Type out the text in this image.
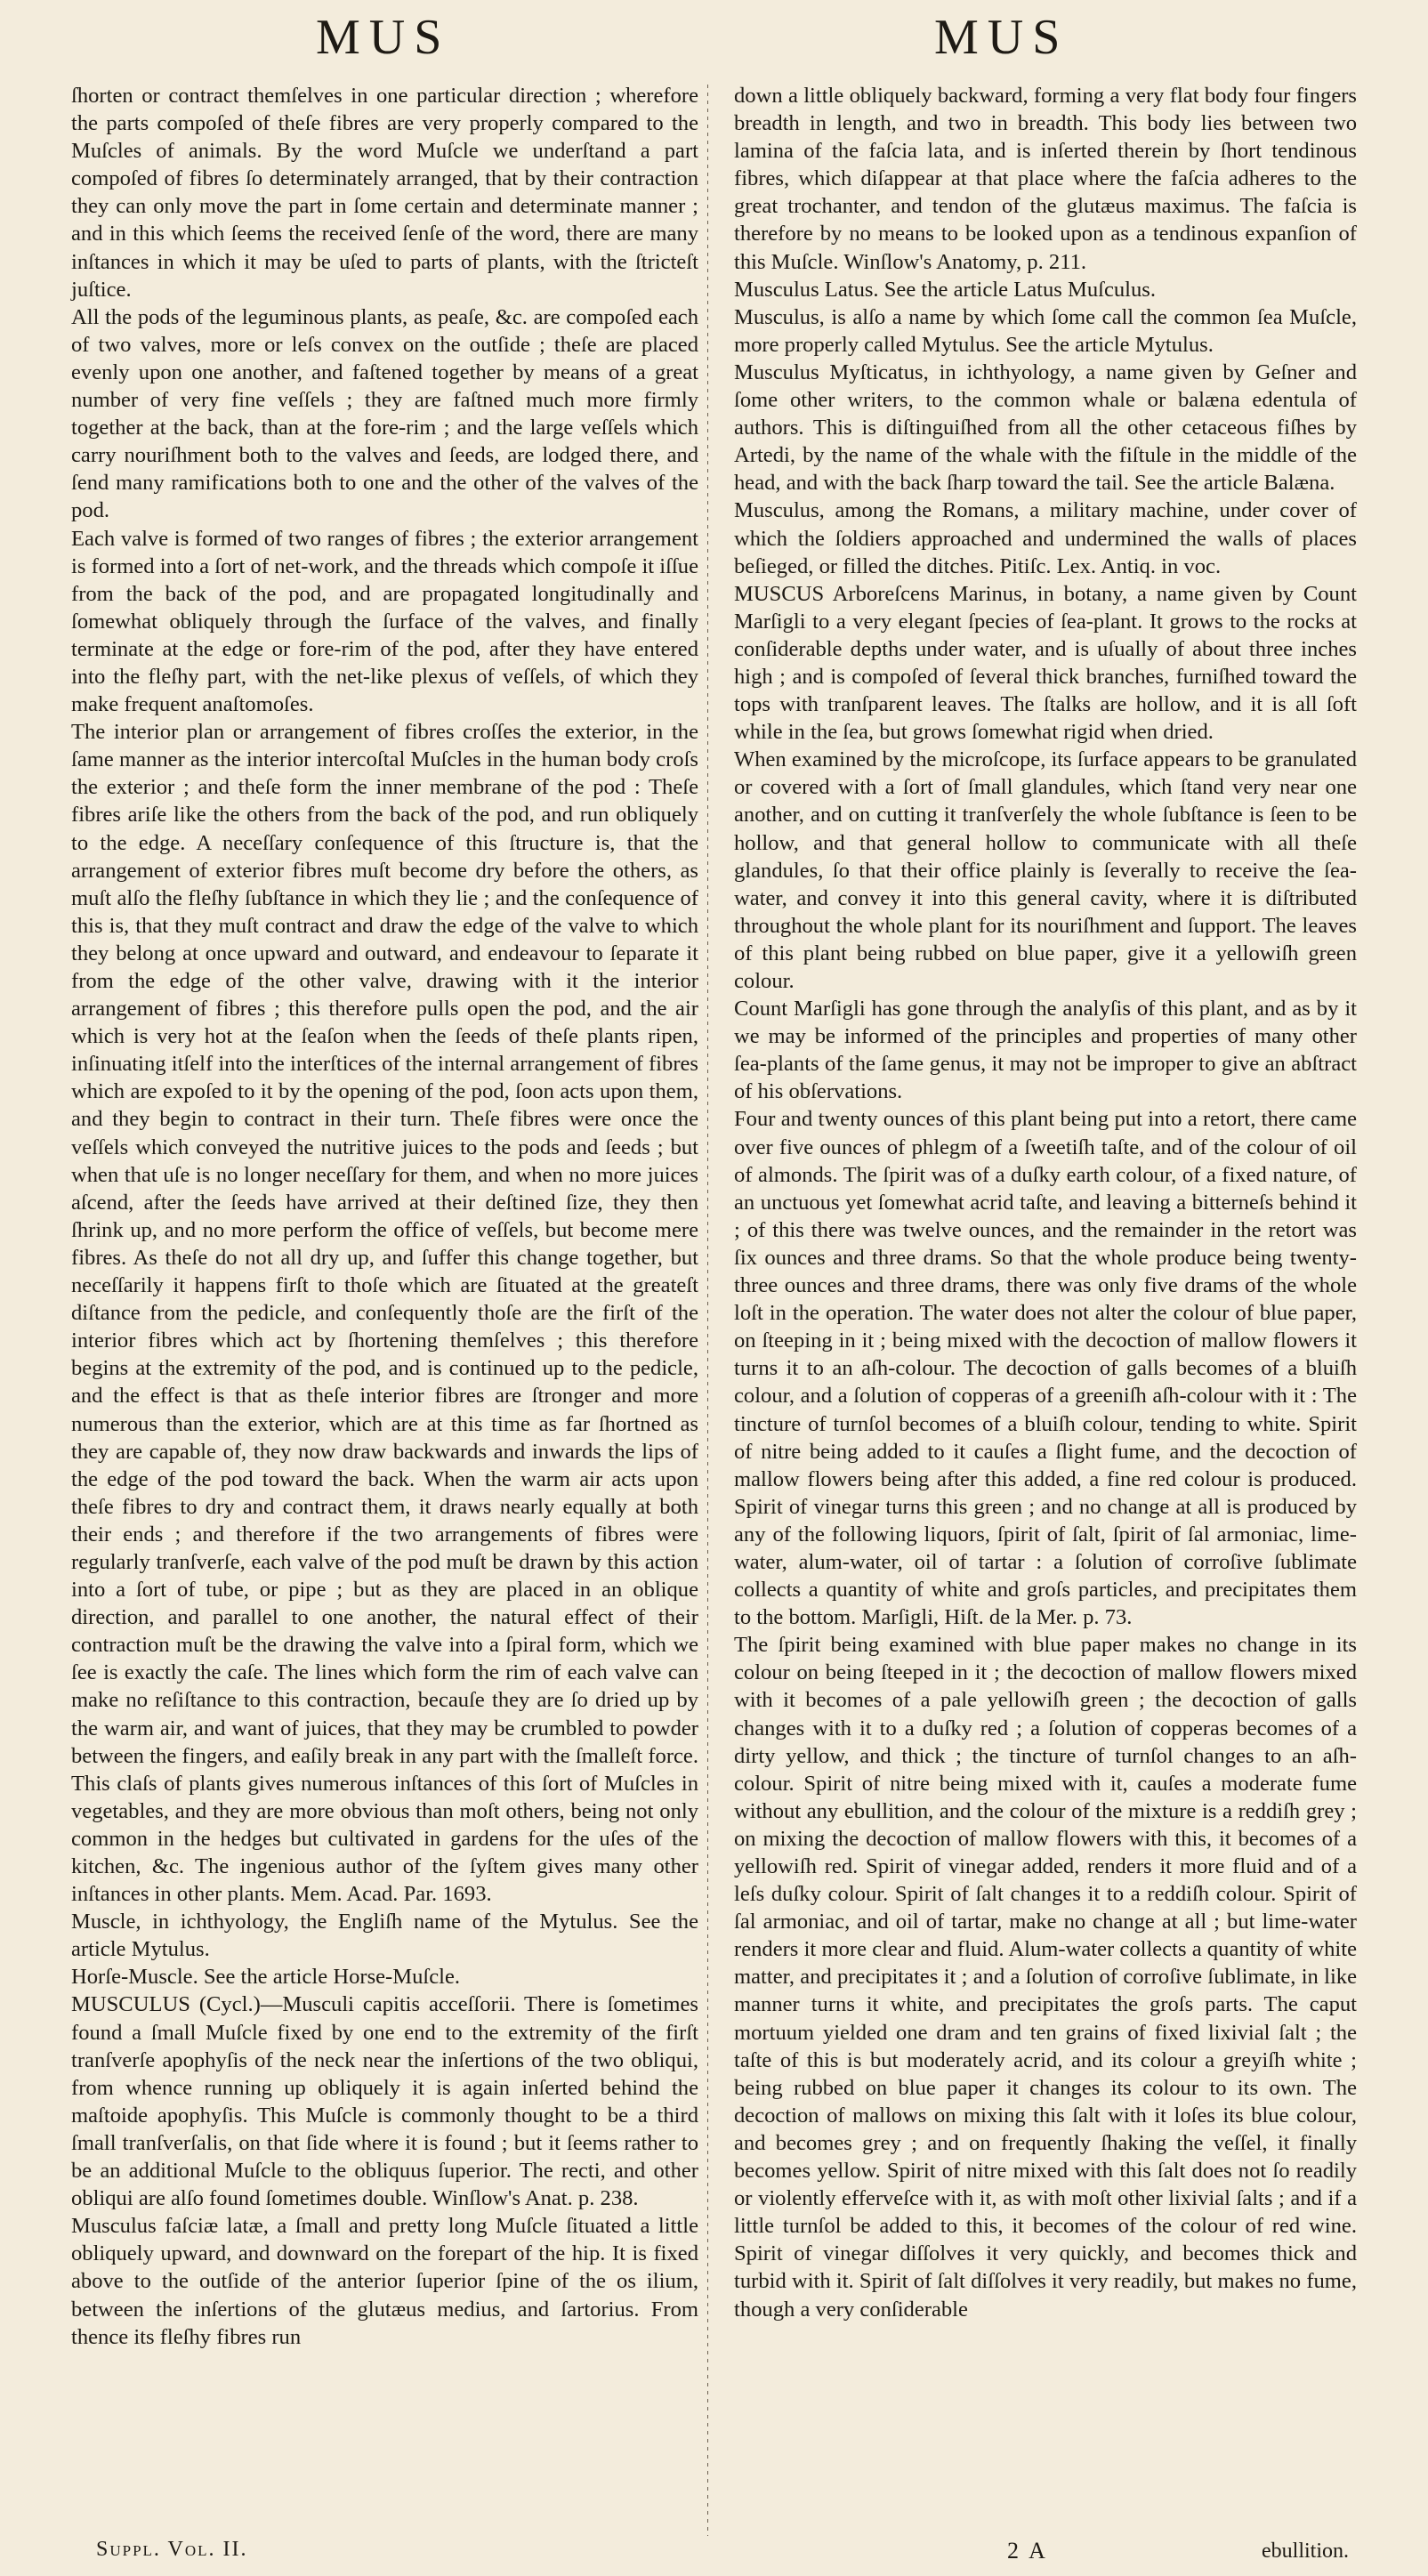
MUS	MUS

ſhorten or contract themſelves in one particular direction ; wherefore the parts compoſed of theſe fibres are very properly compared to the Muſcles of animals. By the word Muſcle we underſtand a part compoſed of fibres ſo determinately arranged, that by their contraction they can only move the part in ſome certain and determinate manner ; and in this which ſeems the received ſenſe of the word, there are many inſtances in which it may be uſed to parts of plants, with the ſtricteſt juſtice.

All the pods of the leguminous plants, as peaſe, &c. are compoſed each of two valves, more or leſs convex on the outſide ; theſe are placed evenly upon one another, and faſtened together by means of a great number of very fine veſſels ; they are faſtned much more firmly together at the back, than at the fore-rim ; and the large veſſels which carry nouriſhment both to the valves and ſeeds, are lodged there, and ſend many ramifications both to one and the other of the valves of the pod.

Each valve is formed of two ranges of fibres ; the exterior arrangement is formed into a ſort of net-work, and the threads which compoſe it iſſue from the back of the pod, and are propagated longitudinally and ſomewhat obliquely through the ſurface of the valves, and finally terminate at the edge or fore-rim of the pod, after they have entered into the fleſhy part, with the net-like plexus of veſſels, of which they make frequent anaſtomoſes.

The interior plan or arrangement of fibres croſſes the exterior, in the ſame manner as the interior intercoſtal Muſcles in the human body croſs the exterior ; and theſe form the inner membrane of the pod : Theſe fibres ariſe like the others from the back of the pod, and run obliquely to the edge. A neceſſary conſequence of this ſtructure is, that the arrangement of exterior fibres muſt become dry before the others, as muſt alſo the fleſhy ſubſtance in which they lie ; and the conſequence of this is, that they muſt contract and draw the edge of the valve to which they belong at once upward and outward, and endeavour to ſeparate it from the edge of the other valve, drawing with it the interior arrangement of fibres ; this therefore pulls open the pod, and the air which is very hot at the ſeaſon when the ſeeds of theſe plants ripen, inſinuating itſelf into the interſtices of the internal arrangement of fibres which are expoſed to it by the opening of the pod, ſoon acts upon them, and they begin to contract in their turn. Theſe fibres were once the veſſels which conveyed the nutritive juices to the pods and ſeeds ; but when that uſe is no longer neceſſary for them, and when no more juices aſcend, after the ſeeds have arrived at their deſtined ſize, they then ſhrink up, and no more perform the office of veſſels, but become mere fibres. As theſe do not all dry up, and ſuffer this change together, but neceſſarily it happens firſt to thoſe which are ſituated at the greateſt diſtance from the pedicle, and conſequently thoſe are the firſt of the interior fibres which act by ſhortening themſelves ; this therefore begins at the extremity of the pod, and is continued up to the pedicle, and the effect is that as theſe interior fibres are ſtronger and more numerous than the exterior, which are at this time as far ſhortned as they are capable of, they now draw backwards and inwards the lips of the edge of the pod toward the back. When the warm air acts upon theſe fibres to dry and contract them, it draws nearly equally at both their ends ; and therefore if the two arrangements of fibres were regularly tranſverſe, each valve of the pod muſt be drawn by this action into a ſort of tube, or pipe ; but as they are placed in an oblique direction, and parallel to one another, the natural effect of their contraction muſt be the drawing the valve into a ſpiral form, which we ſee is exactly the caſe. The lines which form the rim of each valve can make no reſiſtance to this contraction, becauſe they are ſo dried up by the warm air, and want of juices, that they may be crumbled to powder between the fingers, and eaſily break in any part with the ſmalleſt force. This claſs of plants gives numerous inſtances of this ſort of Muſcles in vegetables, and they are more obvious than moſt others, being not only common in the hedges but cultivated in gardens for the uſes of the kitchen, &c. The ingenious author of the ſyſtem gives many other inſtances in other plants. Mem. Acad. Par. 1693.

Muscle, in ichthyology, the Engliſh name of the Mytulus. See the article Mytulus.

Horſe-Muscle. See the article Horse-Muſcle.

MUSCULUS (Cycl.)—Musculi capitis acceſſorii. There is ſometimes found a ſmall Muſcle fixed by one end to the extremity of the firſt tranſverſe apophyſis of the neck near the inſertions of the two obliqui, from whence running up obliquely it is again inſerted behind the maſtoide apophyſis. This Muſcle is commonly thought to be a third ſmall tranſverſalis, on that ſide where it is found ; but it ſeems rather to be an additional Muſcle to the obliquus ſuperior. The recti, and other obliqui are alſo found ſometimes double. Winſlow's Anat. p. 238.

Musculus faſciæ latæ, a ſmall and pretty long Muſcle ſituated a little obliquely upward, and downward on the forepart of the hip. It is fixed above to the outſide of the anterior ſuperior ſpine of the os ilium, between the inſertions of the glutæus medius, and ſartorius. From thence its fleſhy fibres run

down a little obliquely backward, forming a very flat body four fingers breadth in length, and two in breadth. This body lies between two lamina of the faſcia lata, and is inſerted therein by ſhort tendinous fibres, which diſappear at that place where the faſcia adheres to the great trochanter, and tendon of the glutæus maximus. The faſcia is therefore by no means to be looked upon as a tendinous expanſion of this Muſcle. Winſlow's Anatomy, p. 211.

Musculus Latus. See the article Latus Muſculus.

Musculus, is alſo a name by which ſome call the common ſea Muſcle, more properly called Mytulus. See the article Mytulus.

Musculus Myſticatus, in ichthyology, a name given by Geſner and ſome other writers, to the common whale or balæna edentula of authors. This is diſtinguiſhed from all the other cetaceous fiſhes by Artedi, by the name of the whale with the fiſtule in the middle of the head, and with the back ſharp toward the tail. See the article Balæna.

Musculus, among the Romans, a military machine, under cover of which the ſoldiers approached and undermined the walls of places beſieged, or filled the ditches. Pitiſc. Lex. Antiq. in voc.

MUSCUS Arboreſcens Marinus, in botany, a name given by Count Marſigli to a very elegant ſpecies of ſea-plant. It grows to the rocks at conſiderable depths under water, and is uſually of about three inches high ; and is compoſed of ſeveral thick branches, furniſhed toward the tops with tranſparent leaves. The ſtalks are hollow, and it is all ſoft while in the ſea, but grows ſomewhat rigid when dried.

When examined by the microſcope, its ſurface appears to be granulated or covered with a ſort of ſmall glandules, which ſtand very near one another, and on cutting it tranſverſely the whole ſubſtance is ſeen to be hollow, and that general hollow to communicate with all theſe glandules, ſo that their office plainly is ſeverally to receive the ſea-water, and convey it into this general cavity, where it is diſtributed throughout the whole plant for its nouriſhment and ſupport. The leaves of this plant being rubbed on blue paper, give it a yellowiſh green colour.

Count Marſigli has gone through the analyſis of this plant, and as by it we may be informed of the principles and properties of many other ſea-plants of the ſame genus, it may not be improper to give an abſtract of his obſervations.

Four and twenty ounces of this plant being put into a retort, there came over five ounces of phlegm of a ſweetiſh taſte, and of the colour of oil of almonds. The ſpirit was of a duſky earth colour, of a fixed nature, of an unctuous yet ſomewhat acrid taſte, and leaving a bitterneſs behind it ; of this there was twelve ounces, and the remainder in the retort was ſix ounces and three drams. So that the whole produce being twenty-three ounces and three drams, there was only five drams of the whole loſt in the operation. The water does not alter the colour of blue paper, on ſteeping in it ; being mixed with the decoction of mallow flowers it turns it to an aſh-colour. The decoction of galls becomes of a bluiſh colour, and a ſolution of copperas of a greeniſh aſh-colour with it : The tincture of turnſol becomes of a bluiſh colour, tending to white. Spirit of nitre being added to it cauſes a ſlight fume, and the decoction of mallow flowers being after this added, a fine red colour is produced. Spirit of vinegar turns this green ; and no change at all is produced by any of the following liquors, ſpirit of ſalt, ſpirit of ſal armoniac, lime-water, alum-water, oil of tartar : a ſolution of corroſive ſublimate collects a quantity of white and groſs particles, and precipitates them to the bottom. Marſigli, Hiſt. de la Mer. p. 73.

The ſpirit being examined with blue paper makes no change in its colour on being ſteeped in it ; the decoction of mallow flowers mixed with it becomes of a pale yellowiſh green ; the decoction of galls changes with it to a duſky red ; a ſolution of copperas becomes of a dirty yellow, and thick ; the tincture of turnſol changes to an aſh-colour. Spirit of nitre being mixed with it, cauſes a moderate fume without any ebullition, and the colour of the mixture is a reddiſh grey ; on mixing the decoction of mallow flowers with this, it becomes of a yellowiſh red. Spirit of vinegar added, renders it more fluid and of a leſs duſky colour. Spirit of ſalt changes it to a reddiſh colour. Spirit of ſal armoniac, and oil of tartar, make no change at all ; but lime-water renders it more clear and fluid. Alum-water collects a quantity of white matter, and precipitates it ; and a ſolution of corroſive ſublimate, in like manner turns it white, and precipitates the groſs parts. The caput mortuum yielded one dram and ten grains of fixed lixivial ſalt ; the taſte of this is but moderately acrid, and its colour a greyiſh white ; being rubbed on blue paper it changes its colour to its own. The decoction of mallows on mixing this ſalt with it loſes its blue colour, and becomes grey ; and on frequently ſhaking the veſſel, it finally becomes yellow. Spirit of nitre mixed with this ſalt does not ſo readily or violently efferveſce with it, as with moſt other lixivial ſalts ; and if a little turnſol be added to this, it becomes of the colour of red wine. Spirit of vinegar diſſolves it very quickly, and becomes thick and turbid with it. Spirit of ſalt diſſolves it very readily, but makes no fume, though a very conſiderable

Suppl. Vol. II.	2 A	ebullition.
